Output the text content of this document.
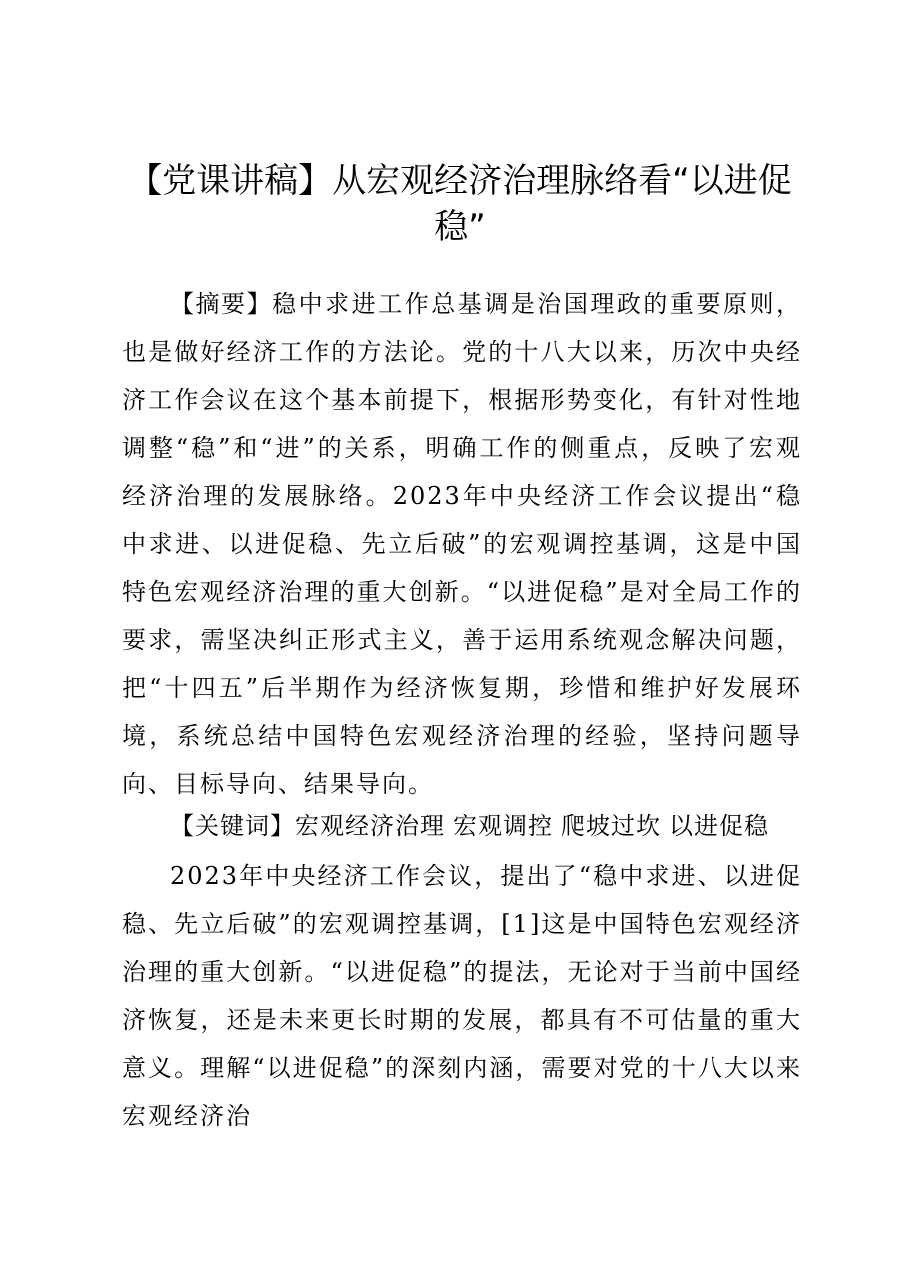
【党课讲稿】从宏观经济治理脉络看“以进促稳”

【摘要】稳中求进工作总基调是治国理政的重要原则，也是做好经济工作的方法论。党的十八大以来，历次中央经济工作会议在这个基本前提下，根据形势变化，有针对性地调整“稳”和“进”的关系，明确工作的侧重点，反映了宏观经济治理的发展脉络。2023年中央经济工作会议提出“稳中求进、以进促稳、先立后破”的宏观调控基调，这是中国特色宏观经济治理的重大创新。“以进促稳”是对全局工作的要求，需坚决纠正形式主义，善于运用系统观念解决问题，把“十四五”后半期作为经济恢复期，珍惜和维护好发展环境，系统总结中国特色宏观经济治理的经验，坚持问题导向、目标导向、结果导向。

【关键词】宏观经济治理 宏观调控 爬坡过坎 以进促稳

2023年中央经济工作会议，提出了“稳中求进、以进促稳、先立后破”的宏观调控基调，[1]这是中国特色宏观经济治理的重大创新。“以进促稳”的提法，无论对于当前中国经济恢复，还是未来更长时期的发展，都具有不可估量的重大意义。理解“以进促稳”的深刻内涵，需要对党的十八大以来宏观经济治
